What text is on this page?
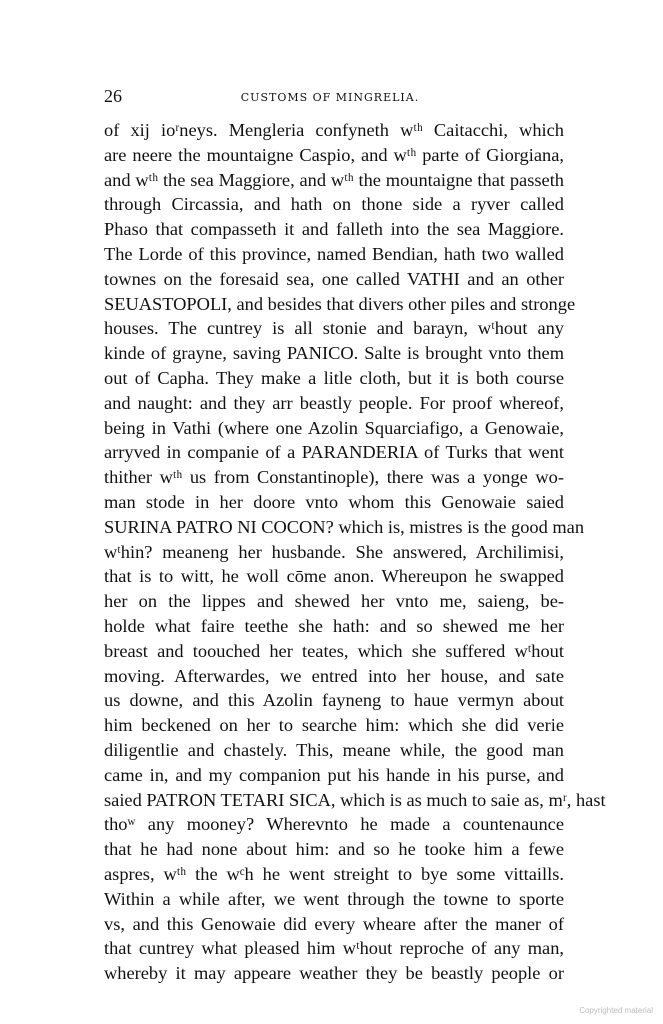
26	CUSTOMS OF MINGRELIA.
of xij ioʳneys. Mengleria confyneth wᵗʰ Caitacchi, which
are neere the mountaigne Caspio, and wᵗʰ parte of Giorgiana,
and wᵗʰ the sea Maggiore, and wᵗʰ the mountaigne that passeth
through Circassia, and hath on thone side a ryver called
Phaso that compasseth it and falleth into the sea Maggiore.
The Lorde of this province, named Bendian, hath two walled
townes on the foresaid sea, one called VATHI and an other
SEUASTOPOLI, and besides that divers other piles and stronge
houses. The cuntrey is all stonie and barayn, wᵗhout any
kinde of grayne, saving PANICO. Salte is brought vnto them
out of Capha. They make a litle cloth, but it is both course
and naught: and they arr beastly people. For proof whereof,
being in Vathi (where one Azolin Squarciafigo, a Genowaie,
arryved in companie of a PARANDERIA of Turks that went
thither wᵗʰ us from Constantinople), there was a yonge wo-
man stode in her doore vnto whom this Genowaie saied
SURINA PATRO NI COCON? which is, mistres is the good man
wᵗhin? meaneng her husbande. She answered, Archilimisi,
that is to witt, he woll cōme anon. Whereupon he swapped
her on the lippes and shewed her vnto me, saieng, be-
holde what faire teethe she hath: and so shewed me her
breast and toouched her teates, which she suffered wᵗhout
moving. Afterwardes, we entred into her house, and sate
us downe, and this Azolin fayneng to haue vermyn about
him beckened on her to searche him: which she did verie
diligentlie and chastely. This, meane while, the good man
came in, and my companion put his hande in his purse, and
saied PATRON TETARI SICA, which is as much to saie as, mʳ, hast
thoʷ any mooney? Wherevnto he made a countenaunce
that he had none about him: and so he tooke him a fewe
aspres, wᵗʰ the wᶜh he went streight to bye some vittaills.
Within a while after, we went through the towne to sporte
vs, and this Genowaie did every wheare after the maner of
that cuntrey what pleased him wᵗhout reproche of any man,
whereby it may appeare weather they be beastly people or
Copyrighted material
